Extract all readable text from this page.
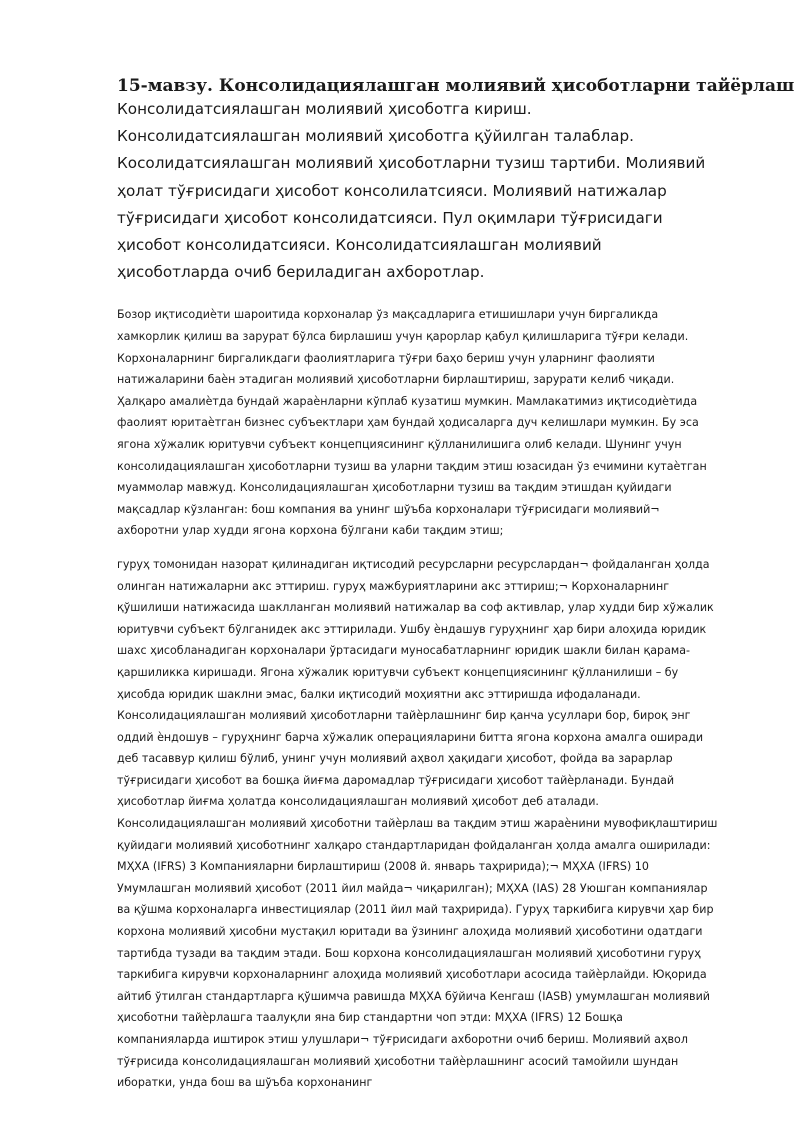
15-мавзу. Консолидациялашган молиявий ҳисоботларни тайёрлаш

Консолидатсиялашган молиявий ҳисоботга кириш. Консолидатсиялашган молиявий ҳисоботга қўйилган талаблар. Косолидатсиялашган молиявий ҳисоботларни тузиш тартиби. Молиявий ҳолат тўғрисидаги ҳисобот консолилатсияси. Молиявий натижалар тўғрисидаги ҳисобот консолидатсияси. Пул оқимлари тўғрисидаги ҳисобот консолидатсияси. Консолидатсиялашган молиявий ҳисоботларда очиб бериладиган ахборотлар.

Бозор иқтисодиѐти шароитида корхоналар ўз мақсадларига етишишлари учун биргаликда хамкорлик қилиш ва зарурат бўлса бирлашиш учун қарорлар қабул қилишларига тўғри келади. Корхоналарнинг биргаликдаги фаолиятларига тўғри баҳо бериш учун уларнинг фаолияти натижаларини баѐн этадиган молиявий ҳисоботларни бирлаштириш, зарурати келиб чиқади. Ҳалқаро амалиѐтда бундай жараѐнларни кўплаб кузатиш мумкин. Мамлакатимиз иқтисодиѐтида фаолият юритаѐтган бизнес субъектлари ҳам бундай ҳодисаларга дуч келишлари мумкин. Бу эса ягона хўжалик юритувчи субъект концепциясининг қўлланилишига олиб келади. Шунинг учун консолидациялашган ҳисоботларни тузиш ва уларни тақдим этиш юзасидан ўз ечимини кутаѐтган муаммолар мавжуд. Консолидациялашган ҳисоботларни тузиш ва тақдим этишдан қуйидаги мақсадлар кўзланган: бош компания ва унинг шўъба корхоналари тўғрисидаги молиявий¬ ахборотни улар худди ягона корхона бўлгани каби тақдим этиш;

гуруҳ томонидан назорат қилинадиган иқтисодий ресурсларни ресурслардан¬ фойдаланган ҳолда олинган натижаларни акс эттириш. гуруҳ мажбуриятларини акс эттириш;¬ Корхоналарнинг қўшилиши натижасида шаклланган молиявий натижалар ва соф активлар, улар худди бир хўжалик юритувчи субъект бўлганидек акс эттирилади. Ушбу ѐндашув гуруҳнинг ҳар бири алоҳида юридик шахс ҳисобланадиган корхоналари ўртасидаги муносабатларнинг юридик шакли билан қарама-қаршиликка киришади. Ягона хўжалик юритувчи субъект концепциясининг қўлланилиши – бу ҳисобда юридик шаклни эмас, балки иқтисодий моҳиятни акс эттиришда ифодаланади. Консолидациялашган молиявий ҳисоботларни тайѐрлашнинг бир қанча усуллари бор, бироқ энг оддий ѐндошув – гуруҳнинг барча хўжалик операцияларини битта ягона корхона амалга оширади деб тасаввур қилиш бўлиб, унинг учун молиявий аҳвол ҳақидаги ҳисобот, фойда ва зарарлар тўғрисидаги ҳисобот ва бошқа йиғма даромадлар тўғрисидаги ҳисобот тайѐрланади. Бундай ҳисоботлар йиғма ҳолатда консолидациялашган молиявий ҳисобот деб аталади. Консолидациялашган молиявий ҳисоботни тайѐрлаш ва тақдим этиш жараѐнини мувофиқлаштириш қуйидаги молиявий ҳисоботнинг халқаро стандартларидан фойдаланган ҳолда амалга оширилади: МҲХА (IFRS) 3 Компанияларни бирлаштириш (2008 й. январь таҳририда);¬ МҲХА (IFRS) 10 Умумлашган молиявий ҳисобот (2011 йил майда¬ чиқарилган); МҲХА (IAS) 28 Уюшган компаниялар ва қўшма корхоналарга инвестициялар (2011 йил май таҳририда). Гуруҳ таркибига кирувчи ҳар бир корхона молиявий ҳисобни мустақил юритади ва ўзининг алоҳида молиявий ҳисоботини одатдаги тартибда тузади ва тақдим этади. Бош корхона консолидациялашган молиявий ҳисоботини гуруҳ таркибига кирувчи корхоналарнинг алоҳида молиявий ҳисоботлари асосида тайѐрлайди. Юқорида айтиб ўтилган стандартларга қўшимча равишда МҲХА бўйича Кенгаш (IASB) умумлашган молиявий ҳисоботни тайѐрлашга таалуқли яна бир стандартни чоп этди: МҲХА (IFRS) 12 Бошқа компанияларда иштирок этиш улушлари¬ тўғрисидаги ахборотни очиб бериш. Молиявий аҳвол тўғрисида консолидациялашган молиявий ҳисоботни тайѐрлашнинг асосий тамойили шундан иборатки, унда бош ва шўъба корхонанинг
